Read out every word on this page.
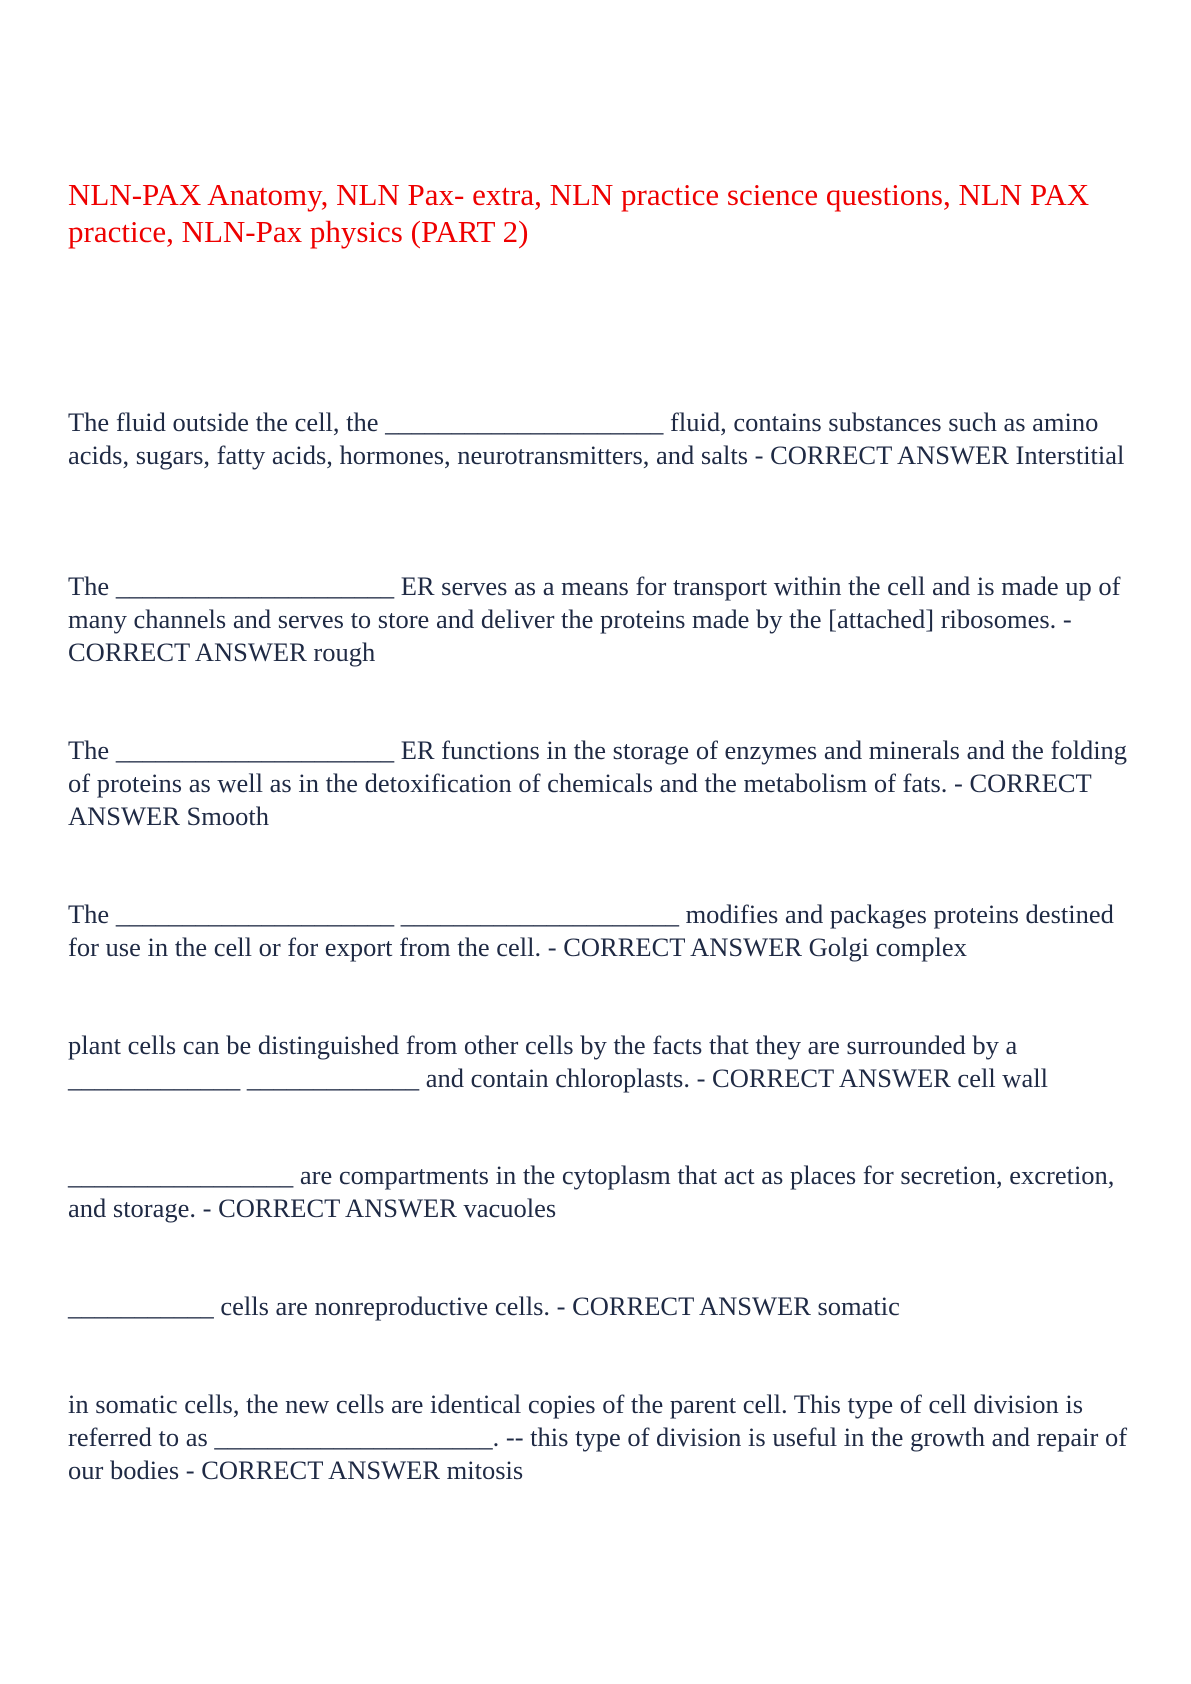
NLN-PAX Anatomy, NLN Pax- extra, NLN practice science questions, NLN PAX practice, NLN-Pax physics (PART 2)

The fluid outside the cell, the _____________________ fluid, contains substances such as amino acids, sugars, fatty acids, hormones, neurotransmitters, and salts - CORRECT ANSWER Interstitial

The _____________________ ER serves as a means for transport within the cell and is made up of many channels and serves to store and deliver the proteins made by the [attached] ribosomes. - CORRECT ANSWER rough

The _____________________ ER functions in the storage of enzymes and minerals and the folding of proteins as well as in the detoxification of chemicals and the metabolism of fats. - CORRECT ANSWER Smooth

The _____________________ _____________________ modifies and packages proteins destined for use in the cell or for export from the cell. - CORRECT ANSWER Golgi complex

plant cells can be distinguished from other cells by the facts that they are surrounded by a _____________ _____________ and contain chloroplasts. - CORRECT ANSWER cell wall

_________________ are compartments in the cytoplasm that act as places for secretion, excretion, and storage. - CORRECT ANSWER vacuoles

___________ cells are nonreproductive cells. - CORRECT ANSWER somatic

in somatic cells, the new cells are identical copies of the parent cell. This type of cell division is referred to as _____________________. -- this type of division is useful in the growth and repair of our bodies - CORRECT ANSWER mitosis
